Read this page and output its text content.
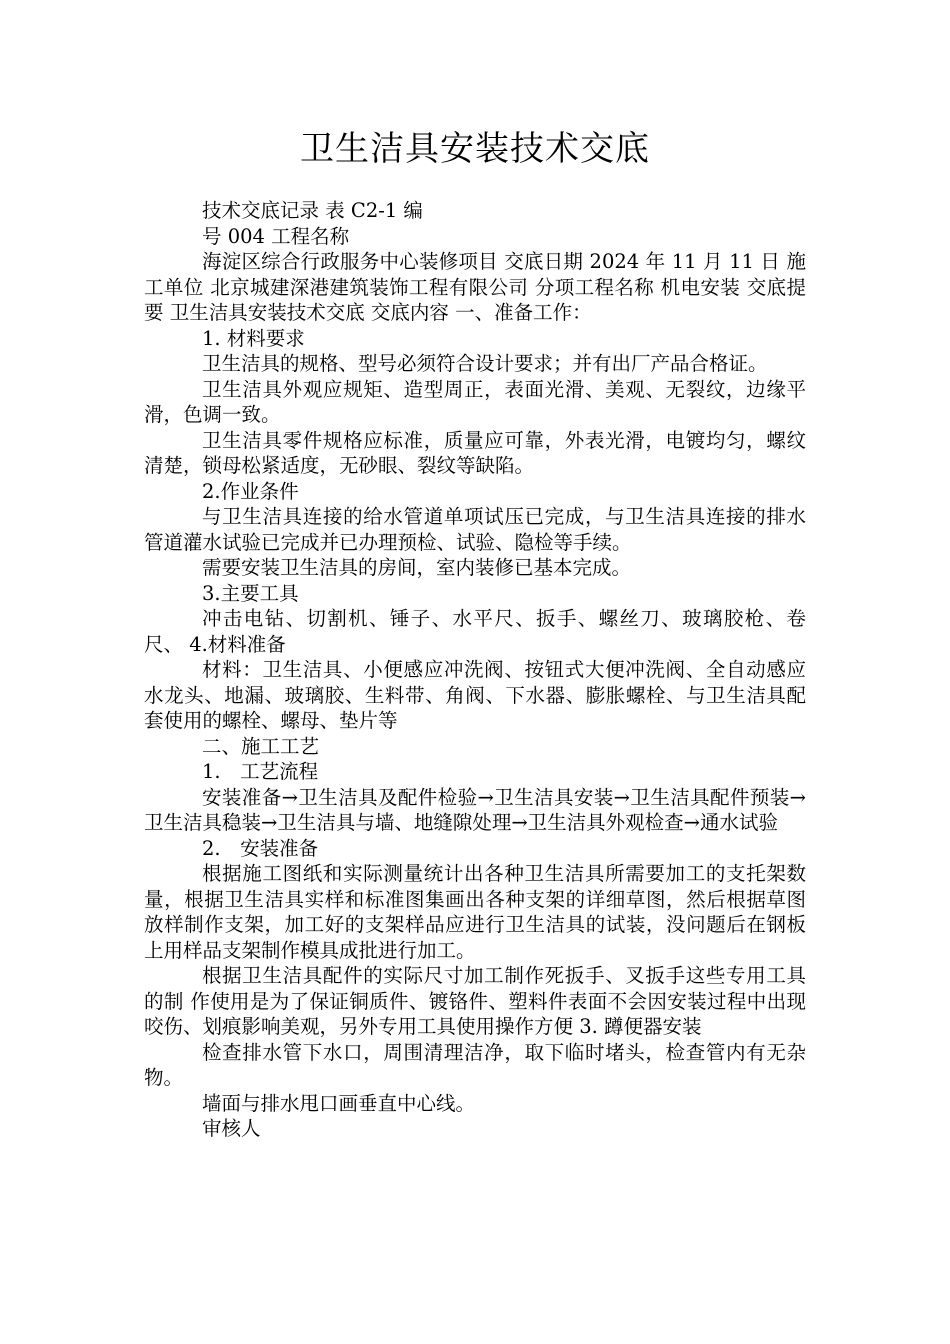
卫生洁具安装技术交底

技术交底记录 表 C2-1 编

号 004 工程名称

海淀区综合行政服务中心装修项目 交底日期 2024 年 11 月 11 日 施工单位 北京城建深港建筑装饰工程有限公司 分项工程名称 机电安装 交底提要 卫生洁具安装技术交底 交底内容 一、准备工作：

1. 材料要求

卫生洁具的规格、型号必须符合设计要求；并有出厂产品合格证。

卫生洁具外观应规矩、造型周正，表面光滑、美观、无裂纹，边缘平滑，色调一致。

卫生洁具零件规格应标准，质量应可靠，外表光滑，电镀均匀，螺纹清楚，锁母松紧适度，无砂眼、裂纹等缺陷。

2.作业条件

与卫生洁具连接的给水管道单项试压已完成，与卫生洁具连接的排水管道灌水试验已完成并已办理预检、试验、隐检等手续。

需要安装卫生洁具的房间，室内装修已基本完成。

3.主要工具

冲击电钻、切割机、锤子、水平尺、扳手、螺丝刀、玻璃胶枪、卷尺、 4.材料准备

材料：卫生洁具、小便感应冲洗阀、按钮式大便冲洗阀、全自动感应水龙头、地漏、玻璃胶、生料带、角阀、下水器、膨胀螺栓、与卫生洁具配套使用的螺栓、螺母、垫片等

二、施工工艺

1.　工艺流程

安装准备→卫生洁具及配件检验→卫生洁具安装→卫生洁具配件预装→卫生洁具稳装→卫生洁具与墙、地缝隙处理→卫生洁具外观检查→通水试验

2.　安装准备

根据施工图纸和实际测量统计出各种卫生洁具所需要加工的支托架数量，根据卫生洁具实样和标准图集画出各种支架的详细草图，然后根据草图放样制作支架，加工好的支架样品应进行卫生洁具的试装，没问题后在钢板上用样品支架制作模具成批进行加工。

根据卫生洁具配件的实际尺寸加工制作死扳手、叉扳手这些专用工具的制 作使用是为了保证铜质件、镀铬件、塑料件表面不会因安装过程中出现咬伤、划痕影响美观，另外专用工具使用操作方便 3. 蹲便器安装

检查排水管下水口，周围清理洁净，取下临时堵头，检查管内有无杂物。

墙面与排水甩口画垂直中心线。

审核人
